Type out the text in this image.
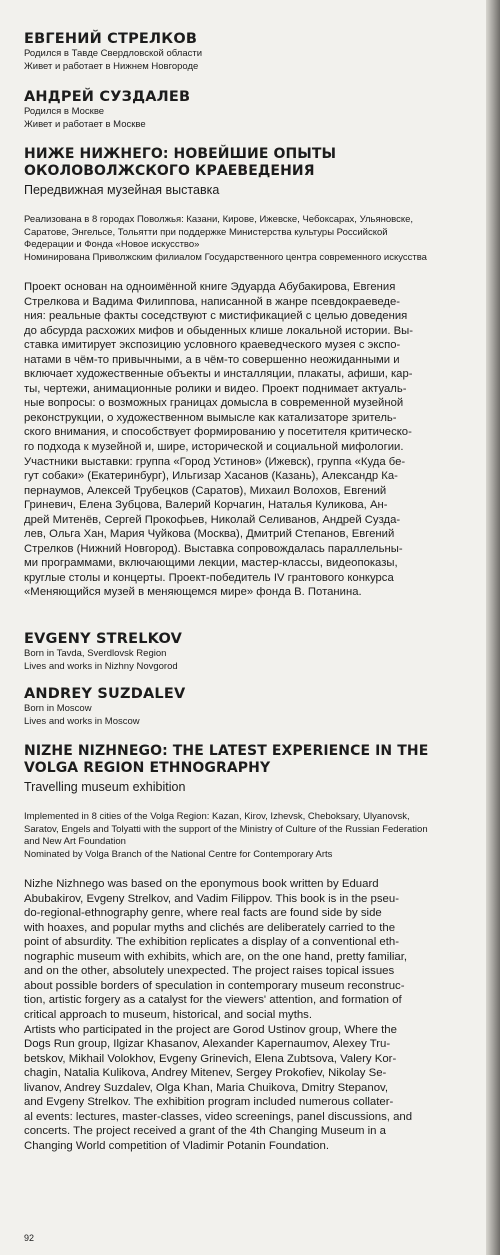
ЕВГЕНИЙ СТРЕЛКОВ

Родился в Тавде Свердловской области

Живет и работает в Нижнем Новгороде

АНДРЕЙ СУЗДАЛЕВ

Родился в Москве

Живет и работает в Москве

НИЖЕ НИЖНЕГО: НОВЕЙШИЕ ОПЫТЫ
ОКОЛОВОЛЖСКОГО КРАЕВЕДЕНИЯ

Передвижная музейная выставка

Реализована в 8 городах Поволжья: Казани, Кирове, Ижевске, Чебоксарах, Ульяновске,
Саратове, Энгельсе, Тольятти при поддержке Министерства культуры Российской
Федерации и Фонда «Новое искусство»
Номинирована Приволжским филиалом Государственного центра современного искусства
Проект основан на одноимённой книге Эдуарда Абубакирова, Евгения
Стрелкова и Вадима Филиппова, написанной в жанре псевдокраеведе-
ния: реальные факты соседствуют с мистификацией с целью доведения
до абсурда расхожих мифов и обыденных клише локальной истории. Вы-
ставка имитирует экспозицию условного краеведческого музея с экспо-
натами в чём-то привычными, а в чём-то совершенно неожиданными и
включает художественные объекты и инсталляции, плакаты, афиши, кар-
ты, чертежи, анимационные ролики и видео. Проект поднимает актуаль-
ные вопросы: о возможных границах домысла в современной музейной
реконструкции, о художественном вымысле как катализаторе зритель-
ского внимания, и способствует формированию у посетителя критическо-
го подхода к музейной и, шире, исторической и социальной мифологии.
Участники выставки: группа «Город Устинов» (Ижевск), группа «Куда бе-
гут собаки» (Екатеринбург), Ильгизар Хасанов (Казань), Александр Ка-
пернаумов, Алексей Трубецков (Саратов), Михаил Волохов, Евгений
Гриневич, Елена Зубцова, Валерий Корчагин, Наталья Куликова, Ан-
дрей Митенёв, Сергей Прокофьев, Николай Селиванов, Андрей Суздa-
лев, Ольга Хан, Мария Чуйкова (Москва), Дмитрий Степанов, Евгений
Стрелков (Нижний Новгород). Выставка сопровождалась параллельны-
ми программами, включающими лекции, мастер-классы, видеопоказы,
круглые столы и концерты. Проект-победитель IV грантового конкурса
«Меняющийся музей в меняющемся мире» фонда В. Потанина.

EVGENY STRELKOV

Born in Tavda, Sverdlovsk Region

Lives and works in Nizhny Novgorod

ANDREY SUZDALEV

Born in Moscow

Lives and works in Moscow

NIZHE NIZHNEGO: THE LATEST EXPERIENCE IN THE
VOLGA REGION ETHNOGRAPHY

Travelling museum exhibition

Implemented in 8 cities of the Volga Region: Kazan, Kirov, Izhevsk, Cheboksary, Ulyanovsk,
Saratov, Engels and Tolyatti with the support of the Ministry of Culture of the Russian Federation
and New Art Foundation
Nominated by Volga Branch of the National Centre for Contemporary Arts
Nizhe Nizhnego was based on the eponymous book written by Eduard
Abubakirov, Evgeny Strelkov, and Vadim Filippov. This book is in the pseu-
do-regional-ethnography genre, where real facts are found side by side
with hoaxes, and popular myths and clichés are deliberately carried to the
point of absurdity. The exhibition replicates a display of a conventional eth-
nographic museum with exhibits, which are, on the one hand, pretty familiar,
and on the other, absolutely unexpected. The project raises topical issues
about possible borders of speculation in contemporary museum reconstruc-
tion, artistic forgery as a catalyst for the viewers' attention, and formation of
critical approach to museum, historical, and social myths.
Artists who participated in the project are Gorod Ustinov group, Where the
Dogs Run group, Ilgizar Khasanov, Alexander Kapernaumov, Alexey Tru-
betskov, Mikhail Volokhov, Evgeny Grinevich, Elena Zubtsova, Valery Kor-
chagin, Natalia Kulikova, Andrey Mitenev, Sergey Prokofiev, Nikolay Se-
livanov, Andrey Suzdalev, Olga Khan, Maria Chuikova, Dmitry Stepanov,
and Evgeny Strelkov. The exhibition program included numerous collater-
al events: lectures, master-classes, video screenings, panel discussions, and
concerts. The project received a grant of the 4th Changing Museum in a
Changing World competition of Vladimir Potanin Foundation.
92
